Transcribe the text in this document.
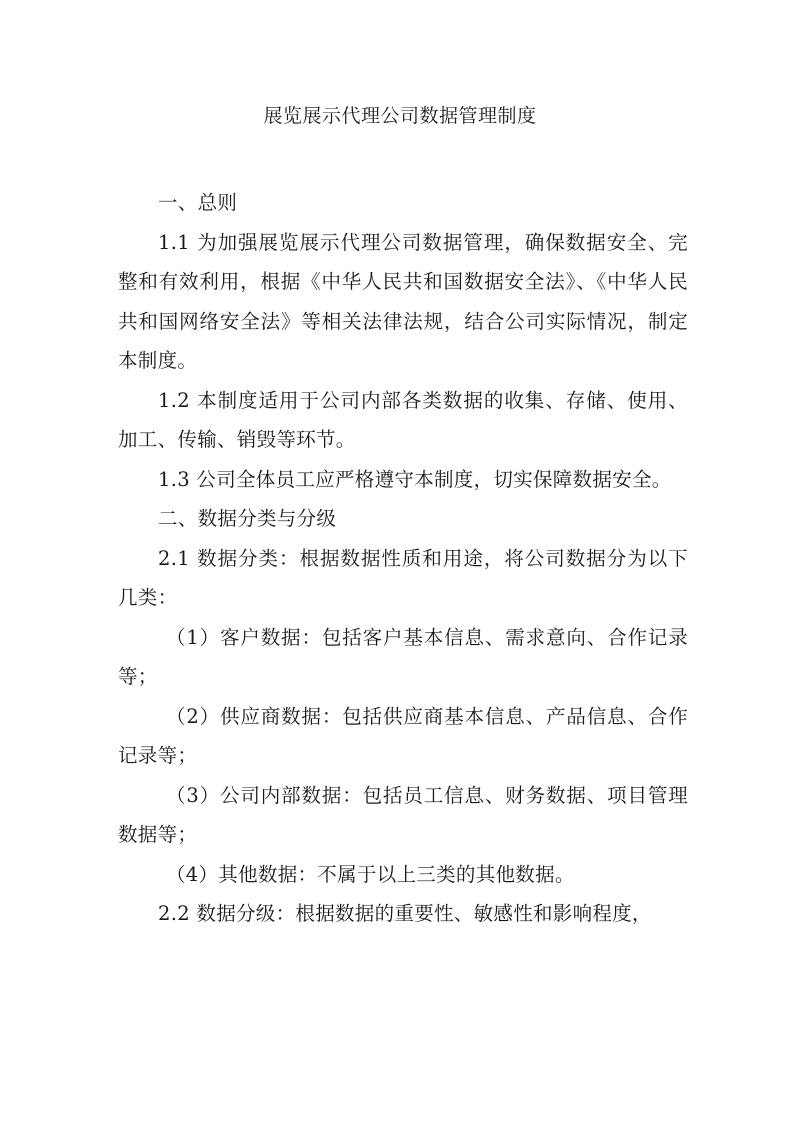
展览展示代理公司数据管理制度

一、总则

1.1 为加强展览展示代理公司数据管理，确保数据安全、完整和有效利用，根据《中华人民共和国数据安全法》、《中华人民共和国网络安全法》等相关法律法规，结合公司实际情况，制定本制度。

1.2 本制度适用于公司内部各类数据的收集、存储、使用、加工、传输、销毁等环节。

1.3 公司全体员工应严格遵守本制度，切实保障数据安全。

二、数据分类与分级

2.1 数据分类：根据数据性质和用途，将公司数据分为以下几类：

（1）客户数据：包括客户基本信息、需求意向、合作记录等；

（2）供应商数据：包括供应商基本信息、产品信息、合作记录等；

（3）公司内部数据：包括员工信息、财务数据、项目管理数据等；

（4）其他数据：不属于以上三类的其他数据。

2.2 数据分级：根据数据的重要性、敏感性和影响程度，
